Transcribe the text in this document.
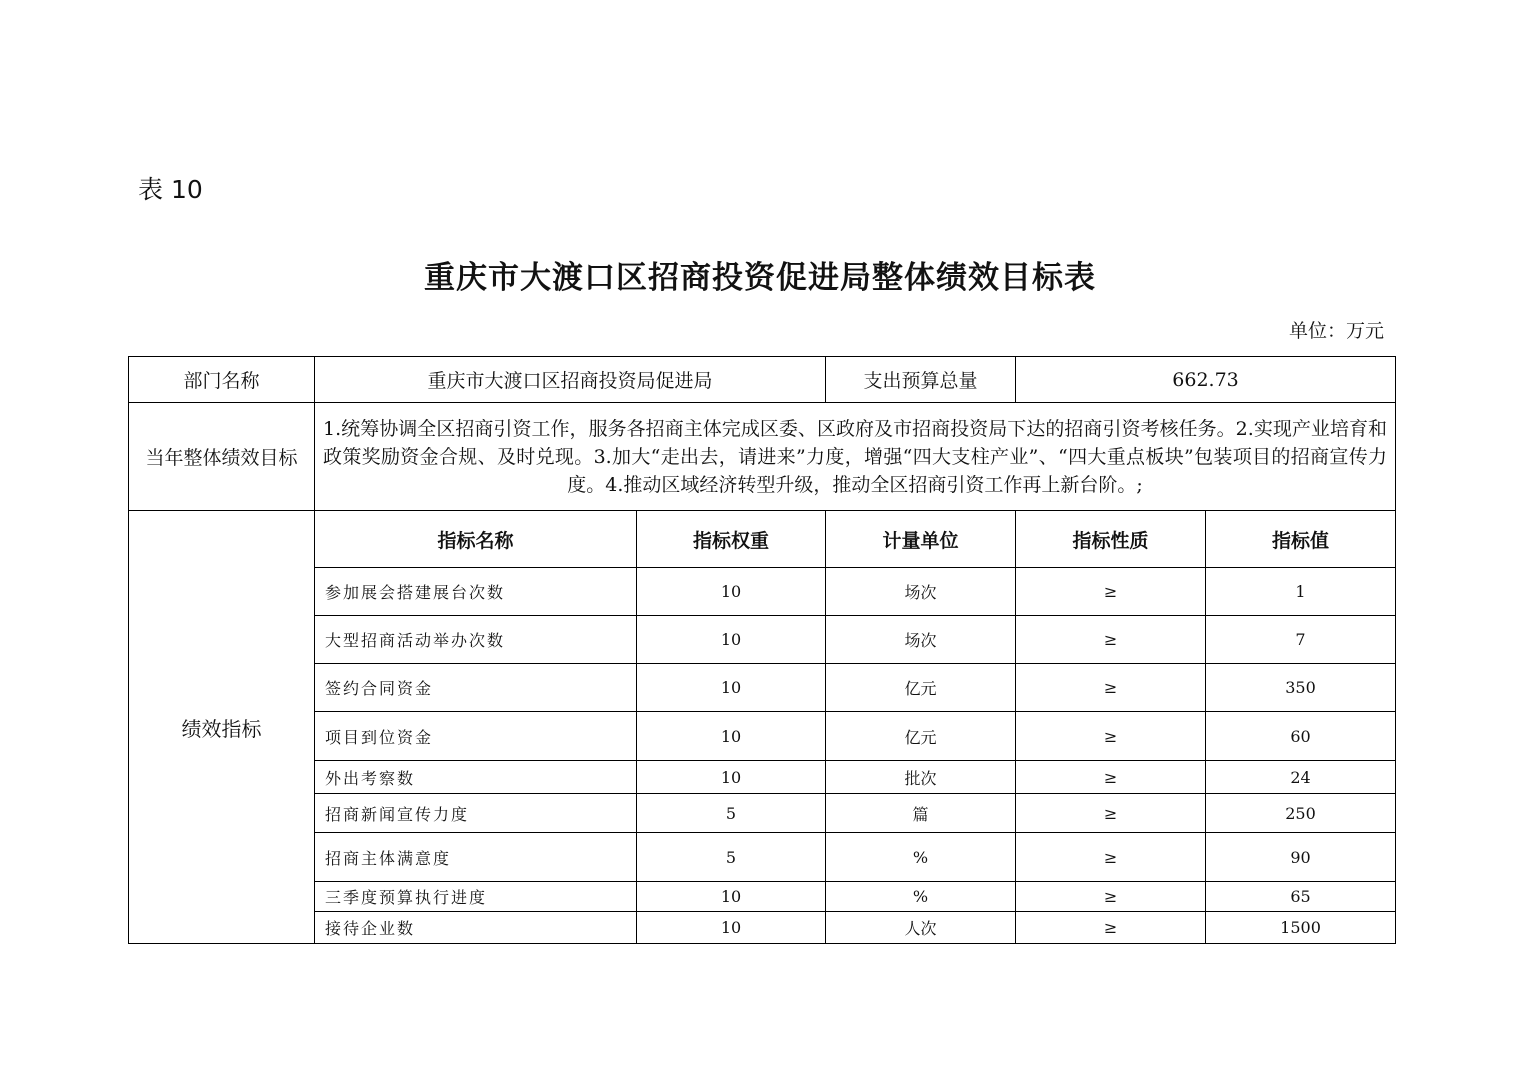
表 10
重庆市大渡口区招商投资促进局整体绩效目标表
单位：万元
部门名称	重庆市大渡口区招商投资局促进局		支出预算总量	662.73	
当年整体绩效目标	1.统筹协调全区招商引资工作，服务各招商主体完成区委、区政府及市招商投资局下达的招商引资考核任务。2.实现产业培育和政策奖励资金合规、及时兑现。3.加大“走出去，请进来”力度，增强“四大支柱产业”、“四大重点板块”包装项目的招商宣传力度。4.推动区域经济转型升级，推动全区招商引资工作再上新台阶。;				
绩效指标	指标名称	指标权重	计量单位	指标性质	指标值
	参加展会搭建展台次数	10	场次	≥	1
	大型招商活动举办次数	10	场次	≥	7
	签约合同资金	10	亿元	≥	350
	项目到位资金	10	亿元	≥	60
	外出考察数	10	批次	≥	24
	招商新闻宣传力度	5	篇	≥	250
	招商主体满意度	5	%	≥	90
	三季度预算执行进度	10	%	≥	65
	接待企业数	10	人次	≥	1500
